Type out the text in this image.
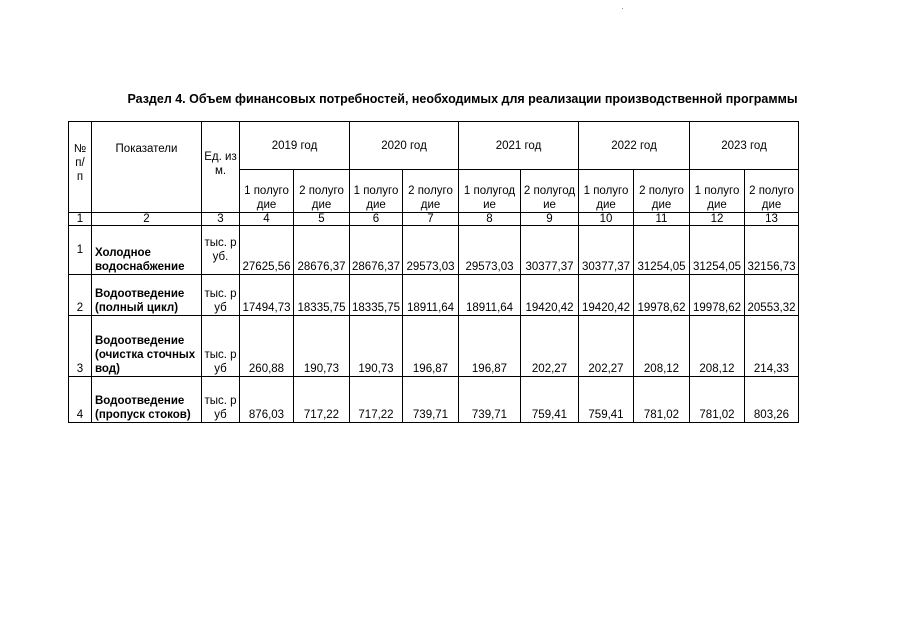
Раздел 4. Объем финансовых потребностей, необходимых для реализации производственной программы
№ п/ п	Показатели	Ед. изм.	2019 год		2020 год		2021 год		2022 год		2023 год	
			1 полугодие	2 полугодие	1 полугодие	2 полугодие	1 полугодие	2 полугодие	1 полугодие	2 полугодие	1 полугодие	2 полугодие
1	2	3	4	5	6	7	8	9	10	11	12	13
1	Холодное водоснабжение	тыс. руб.	27625,56	28676,37	28676,37	29573,03	29573,03	30377,37	30377,37	31254,05	31254,05	32156,73
2	Водоотведение (полный цикл)	тыс. руб	17494,73	18335,75	18335,75	18911,64	18911,64	19420,42	19420,42	19978,62	19978,62	20553,32
3	Водоотведение (очистка сточных вод)	тыс. руб	260,88	190,73	190,73	196,87	196,87	202,27	202,27	208,12	208,12	214,33
4	Водоотведение (пропуск стоков)	тыс. руб	876,03	717,22	717,22	739,71	739,71	759,41	759,41	781,02	781,02	803,26
